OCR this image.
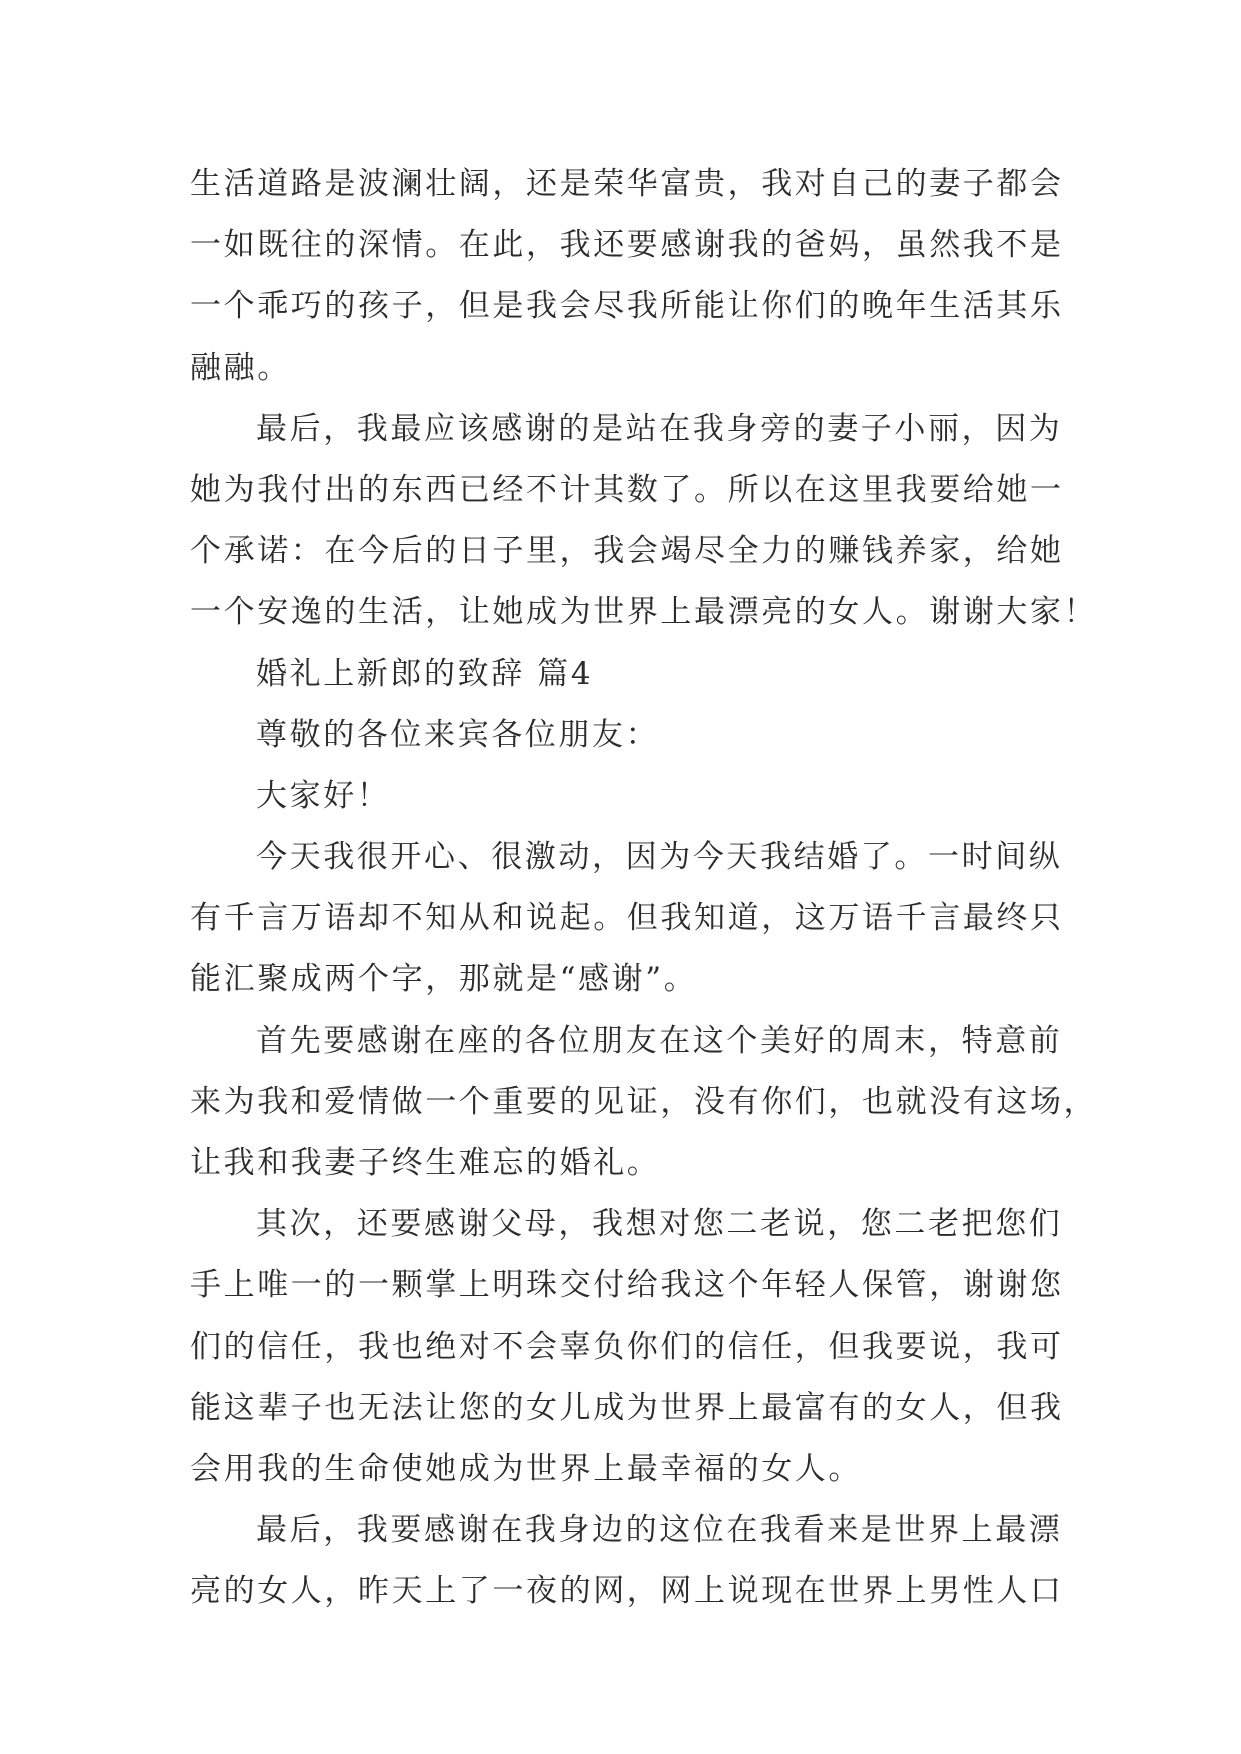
生活道路是波澜壮阔，还是荣华富贵，我对自己的妻子都会
一如既往的深情。在此，我还要感谢我的爸妈，虽然我不是
一个乖巧的孩子，但是我会尽我所能让你们的晚年生活其乐
融融。
最后，我最应该感谢的是站在我身旁的妻子小丽，因为
她为我付出的东西已经不计其数了。所以在这里我要给她一
个承诺：在今后的日子里，我会竭尽全力的赚钱养家，给她
一个安逸的生活，让她成为世界上最漂亮的女人。谢谢大家！
婚礼上新郎的致辞 篇4
尊敬的各位来宾各位朋友：
大家好！
今天我很开心、很激动，因为今天我结婚了。一时间纵
有千言万语却不知从和说起。但我知道，这万语千言最终只
能汇聚成两个字，那就是“感谢”。
首先要感谢在座的各位朋友在这个美好的周末，特意前
来为我和爱情做一个重要的见证，没有你们，也就没有这场，
让我和我妻子终生难忘的婚礼。
其次，还要感谢父母，我想对您二老说，您二老把您们
手上唯一的一颗掌上明珠交付给我这个年轻人保管，谢谢您
们的信任，我也绝对不会辜负你们的信任，但我要说，我可
能这辈子也无法让您的女儿成为世界上最富有的女人，但我
会用我的生命使她成为世界上最幸福的女人。
最后，我要感谢在我身边的这位在我看来是世界上最漂
亮的女人，昨天上了一夜的网，网上说现在世界上男性人口
